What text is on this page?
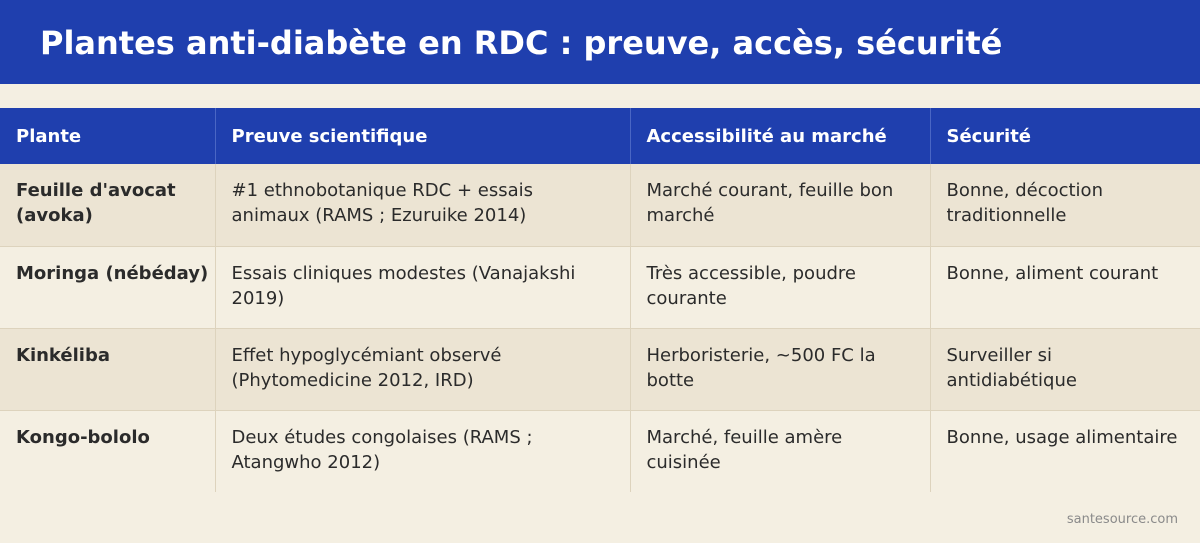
Plantes anti-diabète en RDC : preuve, accès, sécurité
Plante	Preuve scientifique	Accessibilité au marché	Sécurité
Feuille d'avocat (avoka)	#1 ethnobotanique RDC + essais animaux (RAMS ; Ezuruike 2014)	Marché courant, feuille bon marché	Bonne, décoction traditionnelle
Moringa (nébéday)	Essais cliniques modestes (Vanajakshi 2019)	Très accessible, poudre courante	Bonne, aliment courant
Kinkéliba	Effet hypoglycémiant observé (Phytomedicine 2012, IRD)	Herboristerie, ~500 FC la botte	Surveiller si antidiabétique
Kongo-bololo	Deux études congolaises (RAMS ; Atangwho 2012)	Marché, feuille amère cuisinée	Bonne, usage alimentaire
santesource.com
